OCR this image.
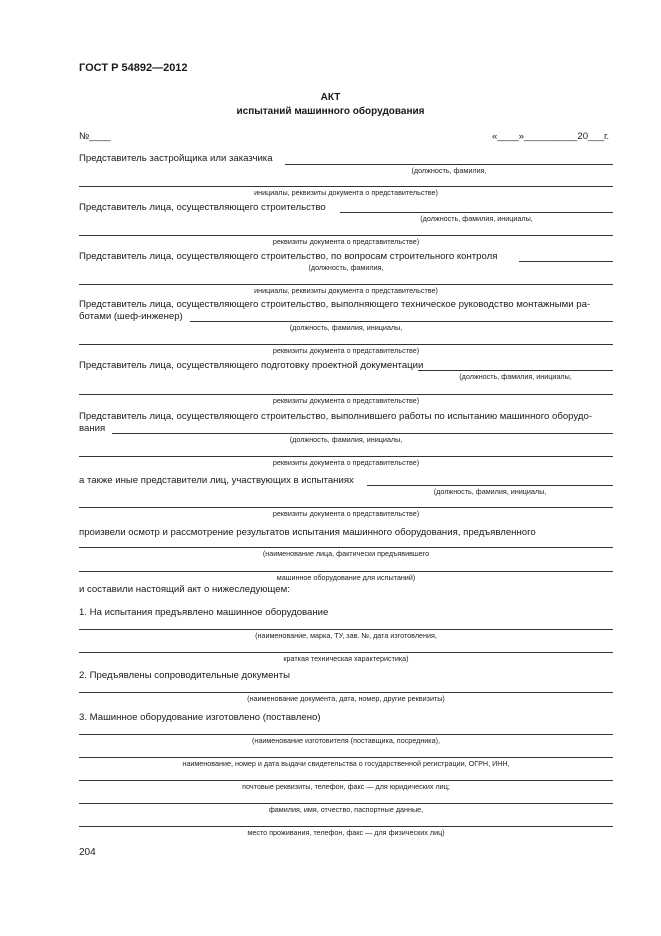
ГОСТ Р 54892—2012
АКТ
испытаний машинного оборудования
№____	«____»__________20___г.
Представитель застройщика или заказчика
(должность, фамилия,
инициалы, реквизиты документа о представительстве)
Представитель лица, осуществляющего строительство
(должность, фамилия, инициалы,
реквизиты документа о представительстве)
Представитель лица, осуществляющего строительство, по вопросам строительного контроля
(должность, фамилия,
инициалы, реквизиты документа о представительстве)
Представитель лица, осуществляющего строительство, выполняющего техническое руководство монтажными ра-
ботами (шеф-инженер)
(должность, фамилия, инициалы,
реквизиты документа о представительстве)
Представитель лица, осуществляющего подготовку проектной документации
(должность, фамилия, инициалы,
реквизиты документа о представительстве)
Представитель лица, осуществляющего строительство, выполнившего работы по испытанию машинного оборудо-
вания
(должность, фамилия, инициалы,
реквизиты документа о представительстве)
а также иные представители лиц, участвующих в испытаниях
(должность, фамилия, инициалы,
реквизиты документа о представительстве)
произвели осмотр и рассмотрение результатов испытания машинного оборудования, предъявленного
(наименование лица, фактически предъявившего
машинное оборудование для испытаний)
и составили настоящий акт о нижеследующем:
1. На испытания предъявлено машинное оборудование
(наименование, марка, ТУ, зав. №, дата изготовления,
краткая техническая характеристика)
2. Предъявлены сопроводительные документы
(наименование документа, дата, номер, другие реквизиты)
3. Машинное оборудование изготовлено (поставлено)
(наименование изготовителя (поставщика, посредника),
наименование, номер и дата выдачи свидетельства о государственной регистрации, ОГРН, ИНН,
почтовые реквизиты, телефон, факс — для юридических лиц;
фамилия, имя, отчество, паспортные данные,
место проживания, телефон, факс — для физических лиц)
204
